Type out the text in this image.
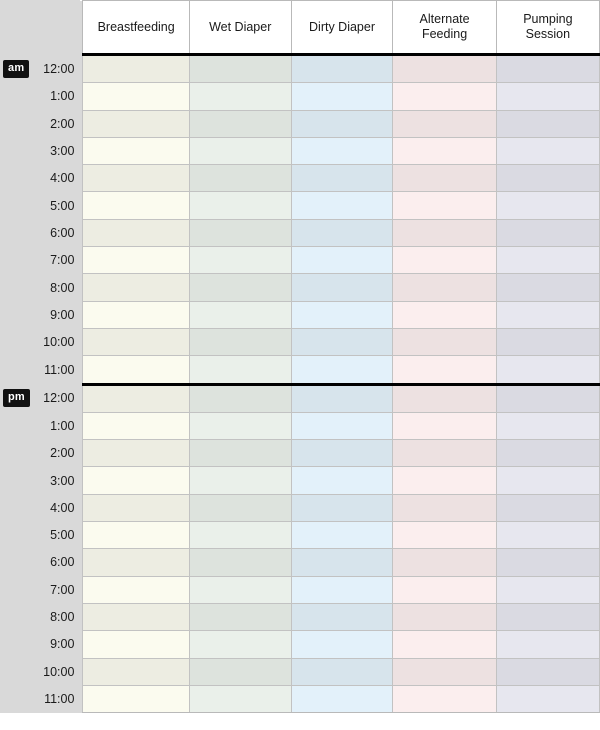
	Breastfeeding	Wet Diaper	Dirty Diaper	Alternate Feeding	Pumping Session

am 12:00					
1:00					
2:00					
3:00					
4:00					
5:00					
6:00					
7:00					
8:00					
9:00					
10:00					
11:00					

pm 12:00					
1:00					
2:00					
3:00					
4:00					
5:00					
6:00					
7:00					
8:00					
9:00					
10:00					
11:00					
